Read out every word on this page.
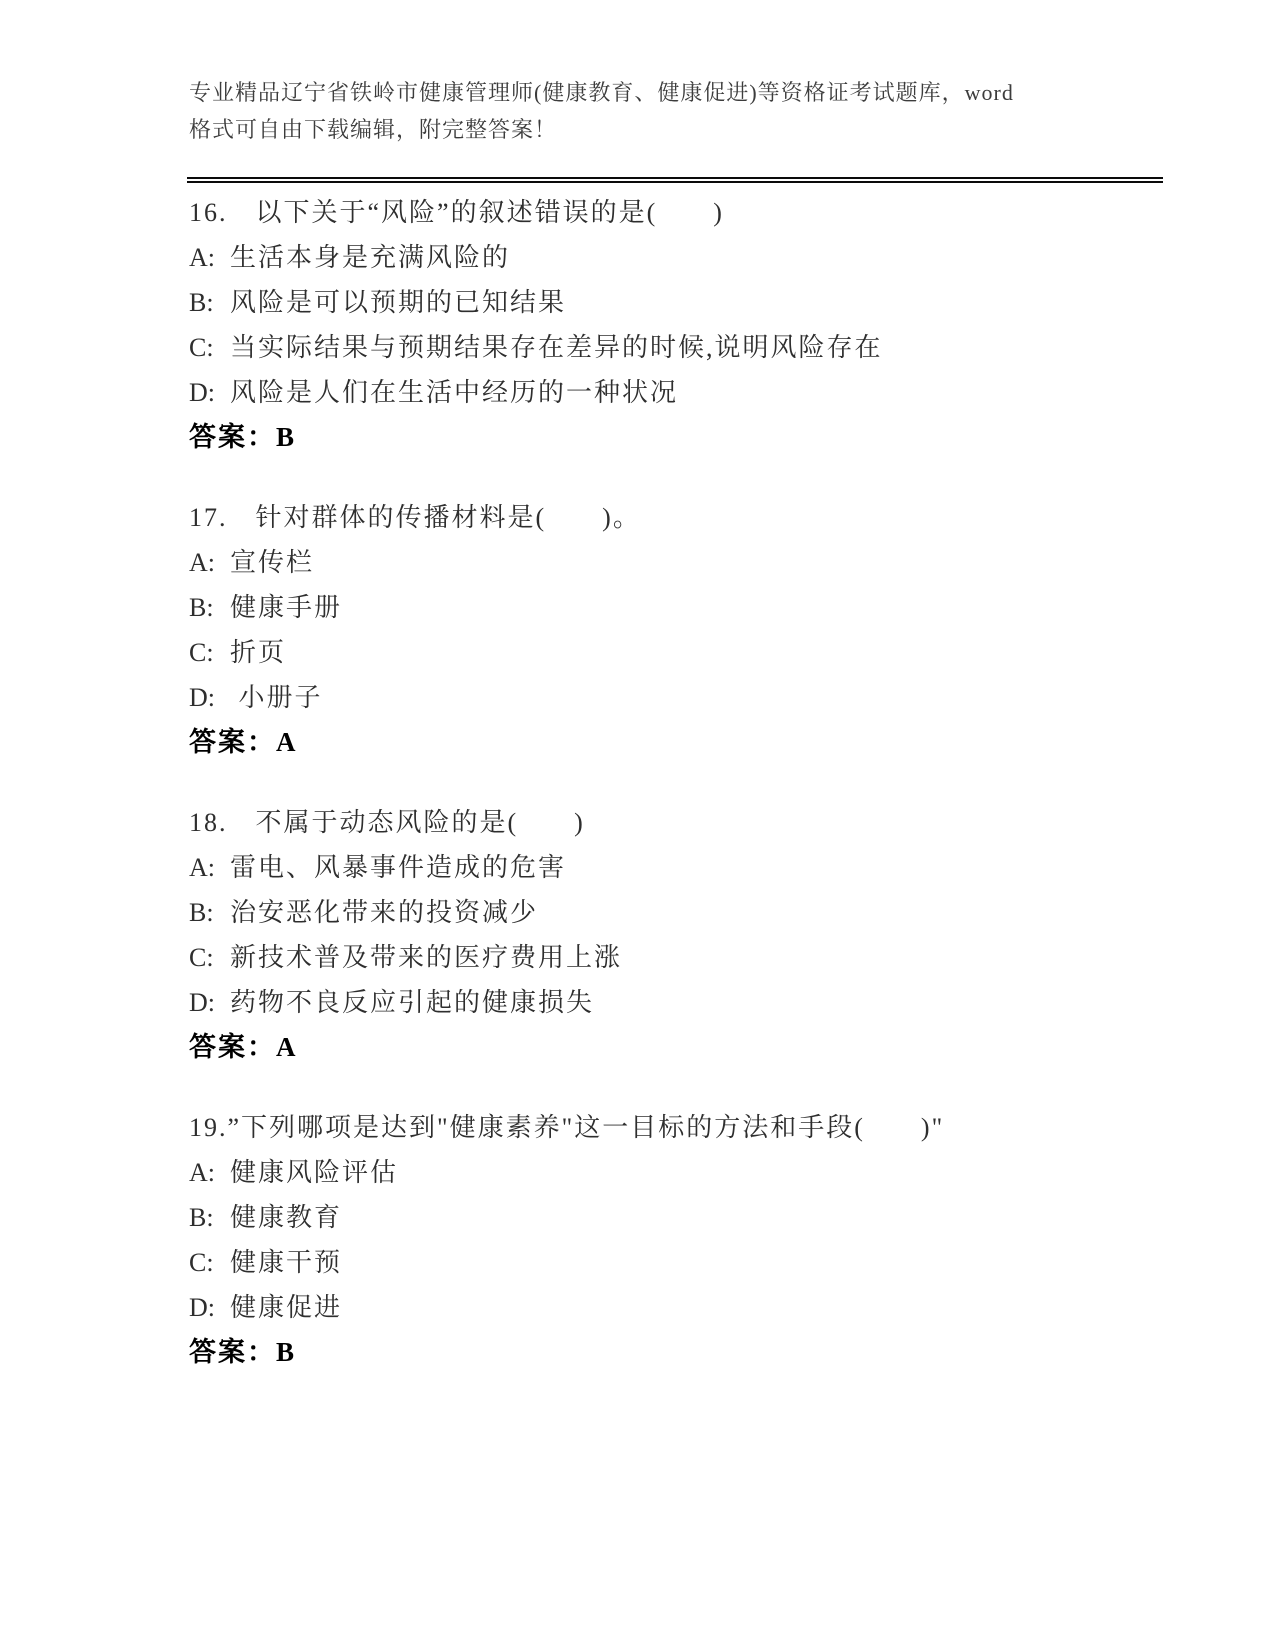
专业精品辽宁省铁岭市健康管理师(健康教育、健康促进)等资格证考试题库，word
格式可自由下载编辑，附完整答案！
16.　以下关于“风险”的叙述错误的是(　　)
A: 生活本身是充满风险的
B: 风险是可以预期的已知结果
C: 当实际结果与预期结果存在差异的时候,说明风险存在
D: 风险是人们在生活中经历的一种状况
答案：B
17.　针对群体的传播材料是(　　)。
A: 宣传栏
B: 健康手册
C: 折页
D: 小册子
答案：A
18.　不属于动态风险的是(　　)
A: 雷电、风暴事件造成的危害
B: 治安恶化带来的投资减少
C: 新技术普及带来的医疗费用上涨
D: 药物不良反应引起的健康损失
答案：A
19.”下列哪项是达到"健康素养"这一目标的方法和手段(　　)"
A: 健康风险评估
B: 健康教育
C: 健康干预
D: 健康促进
答案：B
